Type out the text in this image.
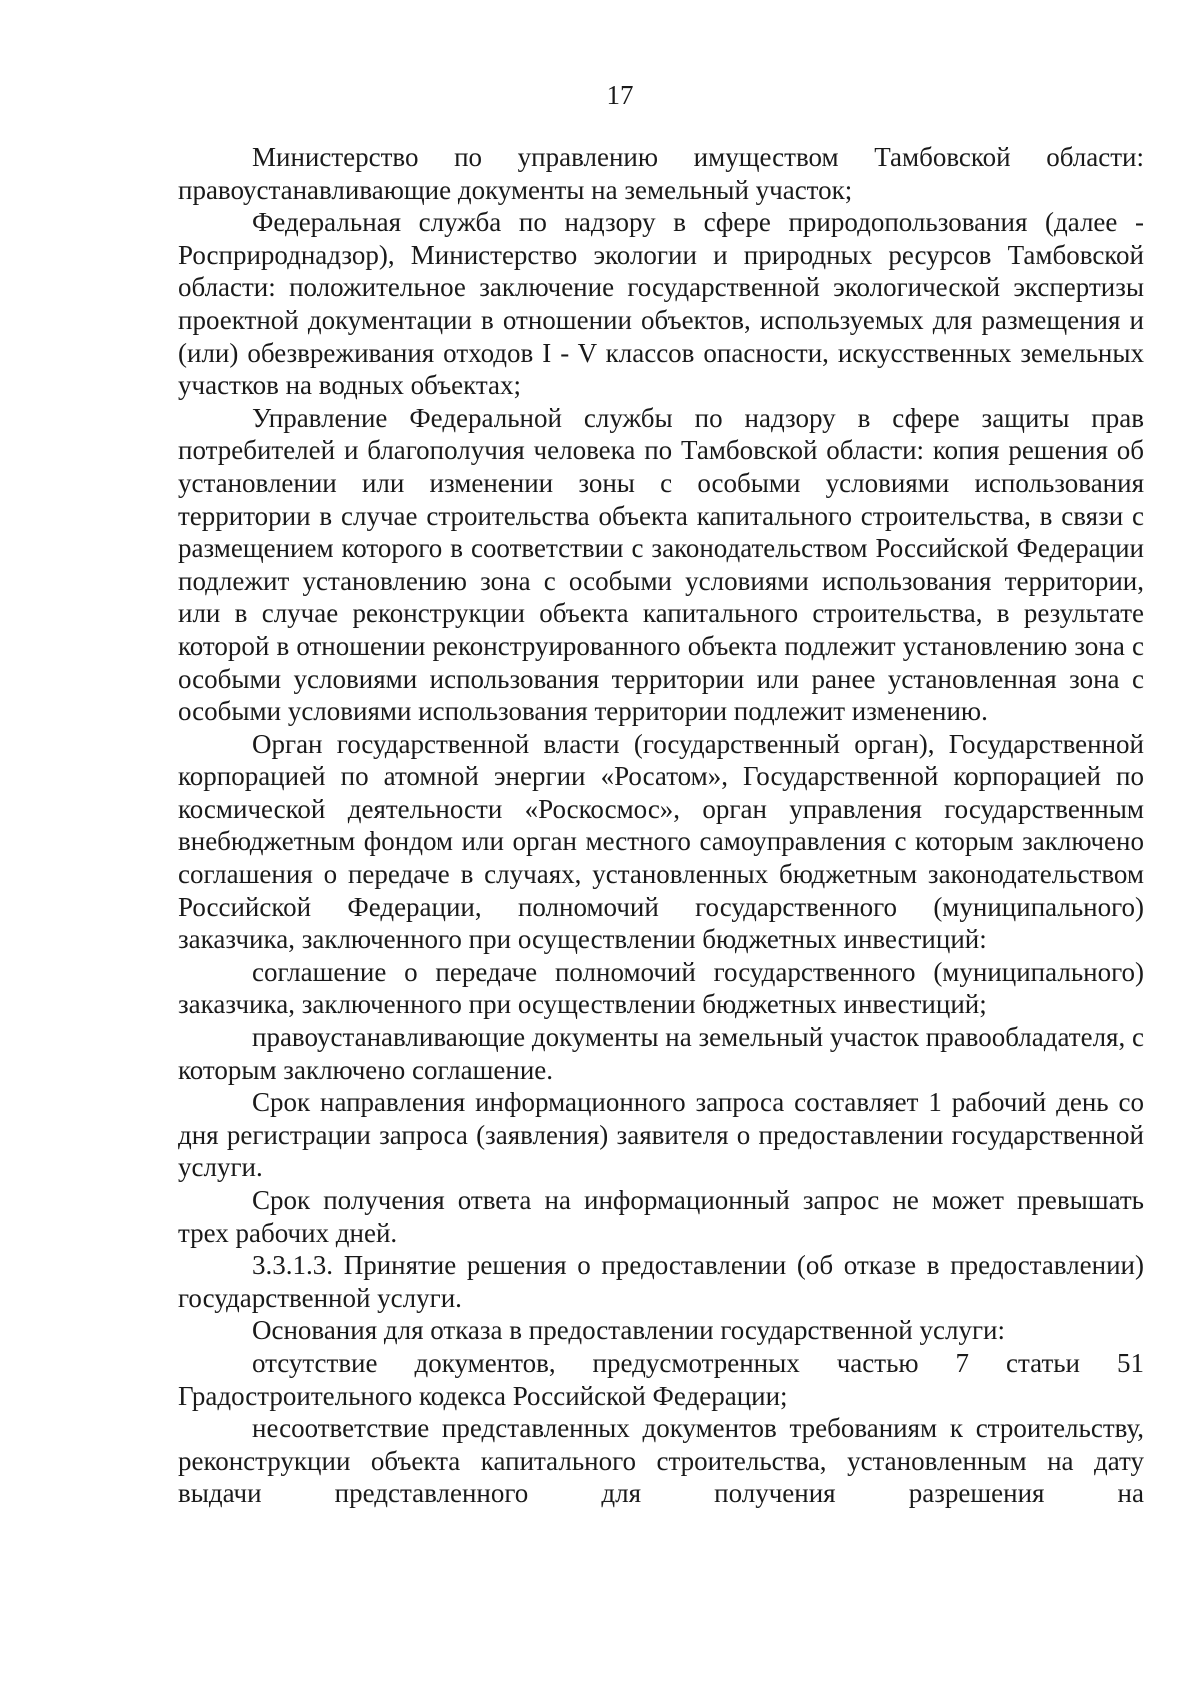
17

Министерство по управлению имуществом Тамбовской области: правоустанавливающие документы на земельный участок;

Федеральная служба по надзору в сфере природопользования (далее - Росприроднадзор), Министерство экологии и природных ресурсов Тамбовской области: положительное заключение государственной экологической экспертизы проектной документации в отношении объектов, используемых для размещения и (или) обезвреживания отходов I - V классов опасности, искусственных земельных участков на водных объектах;

Управление Федеральной службы по надзору в сфере защиты прав потребителей и благополучия человека по Тамбовской области: копия решения об установлении или изменении зоны с особыми условиями использования территории в случае строительства объекта капитального строительства, в связи с размещением которого в соответствии с законодательством Российской Федерации подлежит установлению зона с особыми условиями использования территории, или в случае реконструкции объекта капитального строительства, в результате которой в отношении реконструированного объекта подлежит установлению зона с особыми условиями использования территории или ранее установленная зона с особыми условиями использования территории подлежит изменению.

Орган государственной власти (государственный орган), Государственной корпорацией по атомной энергии «Росатом», Государственной корпорацией по космической деятельности «Роскосмос», орган управления государственным внебюджетным фондом или орган местного самоуправления с которым заключено соглашения о передаче в случаях, установленных бюджетным законодательством Российской Федерации, полномочий государственного (муниципального) заказчика, заключенного при осуществлении бюджетных инвестиций:

соглашение о передаче полномочий государственного (муниципального) заказчика, заключенного при осуществлении бюджетных инвестиций;

правоустанавливающие документы на земельный участок правообладателя, с которым заключено соглашение.

Срок направления информационного запроса составляет 1 рабочий день со дня регистрации запроса (заявления) заявителя о предоставлении государственной услуги.

Срок получения ответа на информационный запрос не может превышать трех рабочих дней.

3.3.1.3. Принятие решения о предоставлении (об отказе в предоставлении) государственной услуги.

Основания для отказа в предоставлении государственной услуги:

отсутствие документов, предусмотренных частью 7 статьи 51 Градостроительного кодекса Российской Федерации;

несоответствие представленных документов требованиям к строительству, реконструкции объекта капитального строительства, установленным на дату выдачи представленного для получения разрешения на
